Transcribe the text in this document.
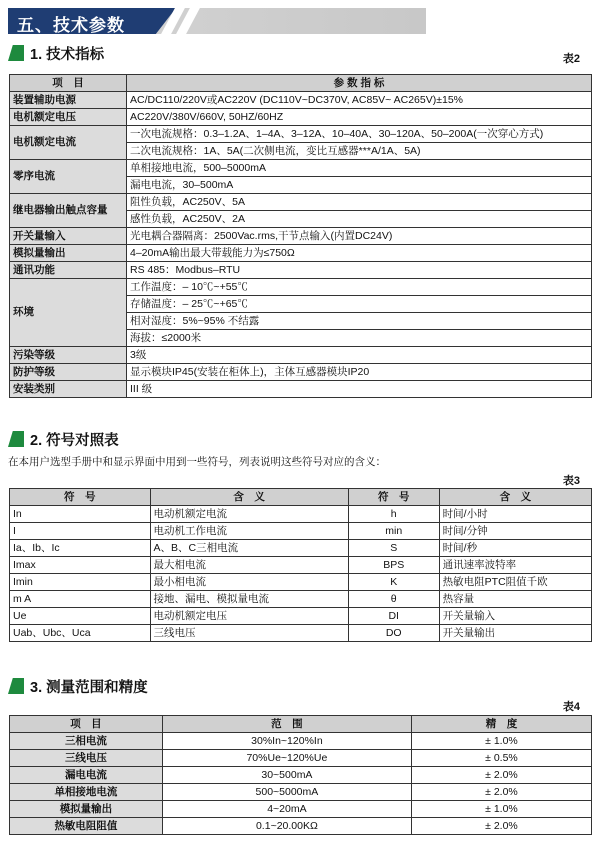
五、技术参数
1. 技术指标	表2
项　目	参 数 指 标
装置辅助电源	AC/DC110/220V或AC220V (DC110V~DC370V, AC85V~ AC265V)±15%
电机额定电压	AC220V/380V/660V, 50HZ/60HZ
电机额定电流	一次电流规格：0.3–1.2A、1–4A、3–12A、10–40A、30–120A、50–200A(一次穿心方式)
	二次电流规格：1A、5A(二次侧电流，变比互感器***A/1A、5A)
零序电流	单相接地电流，500–5000mA
	漏电电流，30–500mA
继电器输出触点容量	阻性负载，AC250V、5A
	感性负载，AC250V、2A
开关量输入	光电耦合器隔离：2500Vac.rms,干节点输入(内置DC24V)
模拟量输出	4–20mA输出最大带载能力为≤750Ω
通讯功能	RS 485：Modbus–RTU
环境	工作温度：– 10℃~+55℃
	存储温度：– 25℃~+65℃
	相对湿度：5%~95% 不结露
	海拔：≤2000米
污染等级	3级
防护等级	显示模块IP45(安装在柜体上)，主体互感器模块IP20
安装类别	III 级
2. 符号对照表
在本用户选型手册中和显示界面中用到一些符号，列表说明这些符号对应的含义：
表3
符　号	含　义	符　号	含　义
In	电动机额定电流	h	时间/小时
I	电动机工作电流	min	时间/分钟
Ia、Ib、Ic	A、B、C三相电流	S	时间/秒
Imax	最大相电流	BPS	通讯速率波特率
Imin	最小相电流	K	热敏电阻PTC阻值千欧
m A	接地、漏电、模拟量电流	θ	热容量
Ue	电动机额定电压	DI	开关量输入
Uab、Ubc、Uca	三线电压	DO	开关量输出
3. 测量范围和精度
表4
项　目	范　围	精　度
三相电流	30%In~120%In	± 1.0%
三线电压	70%Ue~120%Ue	± 0.5%
漏电电流	30~500mA	± 2.0%
单相接地电流	500~5000mA	± 2.0%
模拟量输出	4~20mA	± 1.0%
热敏电阻阻值	0.1~20.00KΩ	± 2.0%
